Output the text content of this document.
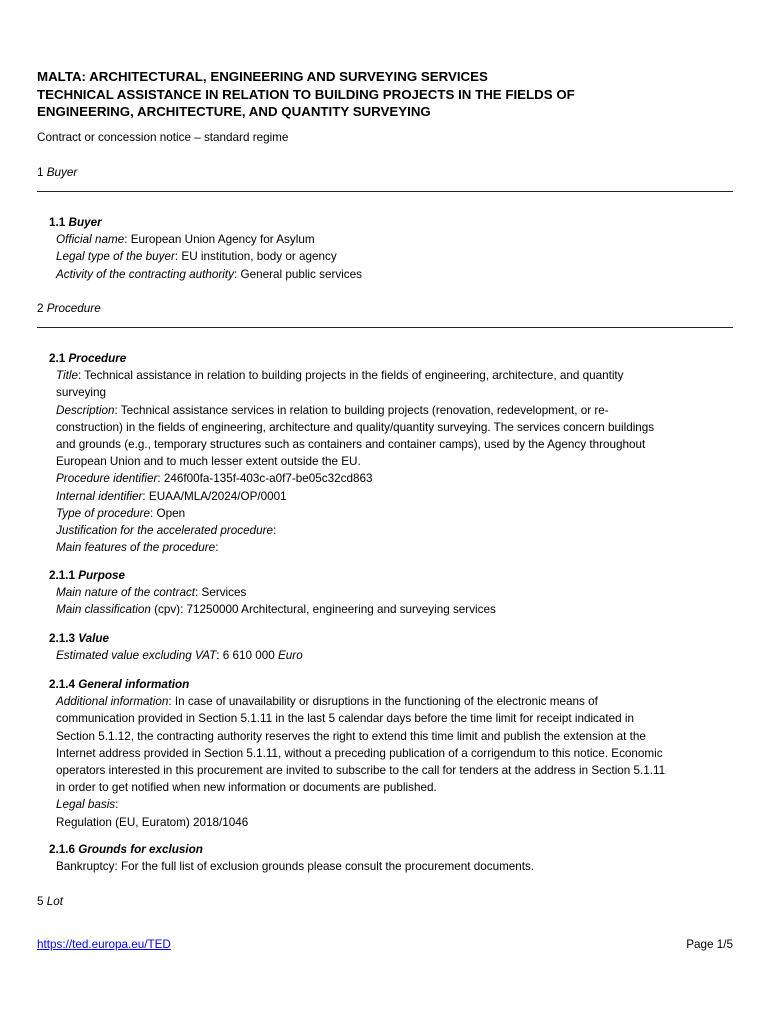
MALTA: ARCHITECTURAL, ENGINEERING AND SURVEYING SERVICES

TECHNICAL ASSISTANCE IN RELATION TO BUILDING PROJECTS IN THE FIELDS OF

ENGINEERING, ARCHITECTURE, AND QUANTITY SURVEYING

Contract or concession notice – standard regime
1 Buyer

1.1 Buyer

Official name: European Union Agency for Asylum

Legal type of the buyer: EU institution, body or agency

Activity of the contracting authority: General public services

2 Procedure

2.1 Procedure

Title: Technical assistance in relation to building projects in the fields of engineering, architecture, and quantity

surveying

Description: Technical assistance services in relation to building projects (renovation, redevelopment, or re-

construction) in the fields of engineering, architecture and quality/quantity surveying. The services concern buildings

and grounds (e.g., temporary structures such as containers and container camps), used by the Agency throughout

European Union and to much lesser extent outside the EU.

Procedure identifier: 246f00fa-135f-403c-a0f7-be05c32cd863

Internal identifier: EUAA/MLA/2024/OP/0001

Type of procedure: Open

Justification for the accelerated procedure:

Main features of the procedure:

2.1.1 Purpose

Main nature of the contract: Services

Main classification (cpv): 71250000 Architectural, engineering and surveying services

2.1.3 Value

Estimated value excluding VAT: 6 610 000 Euro

2.1.4 General information

Additional information: In case of unavailability or disruptions in the functioning of the electronic means of

communication provided in Section 5.1.11 in the last 5 calendar days before the time limit for receipt indicated in

Section 5.1.12, the contracting authority reserves the right to extend this time limit and publish the extension at the

Internet address provided in Section 5.1.11, without a preceding publication of a corrigendum to this notice. Economic

operators interested in this procurement are invited to subscribe to the call for tenders at the address in Section 5.1.11

in order to get notified when new information or documents are published.

Legal basis:

Regulation (EU, Euratom) 2018/1046

2.1.6 Grounds for exclusion

Bankruptcy: For the full list of exclusion grounds please consult the procurement documents.

5 Lot
https://ted.europa.eu/TED	Page 1/5
